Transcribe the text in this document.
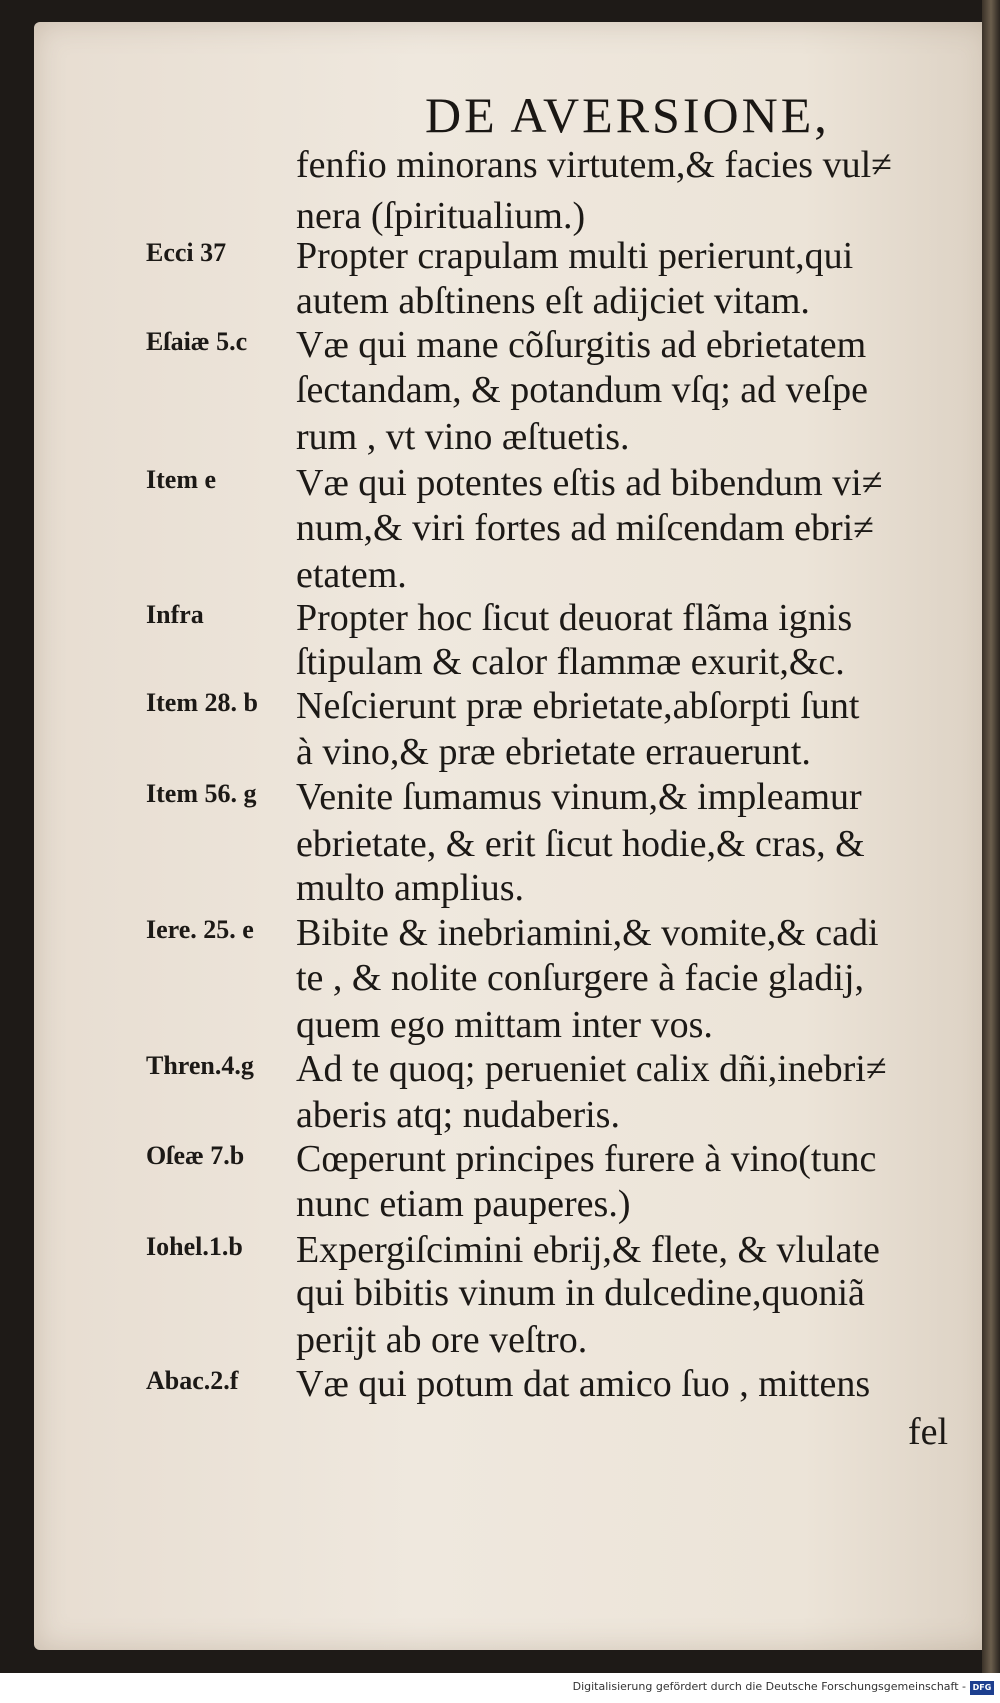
DE AVERSIONE,
fenfio minorans virtutem,& facies vul≠
nera (ſpiritualium.)
Propter crapulam multi perierunt,qui
autem abſtinens eſt adijciet vitam.
Væ qui mane cõſurgitis ad ebrietatem
ſectandam, & potandum vſq; ad veſpe
rum , vt vino æſtuetis.
Væ qui potentes eſtis ad bibendum vi≠
num,& viri fortes ad miſcendam ebri≠
etatem.
Propter hoc ſicut deuorat flãma ignis
ſtipulam & calor flammæ exurit,&c.
Neſcierunt præ ebrietate,abſorpti ſunt
à vino,& præ ebrietate errauerunt.
Venite ſumamus vinum,& impleamur
ebrietate, & erit ſicut hodie,& cras, &
multo amplius.
Bibite & inebriamini,& vomite,& cadi
te , & nolite conſurgere à facie gladij,
quem ego mittam inter vos.
Ad te quoq; perueniet calix dñi,inebri≠
aberis atq; nudaberis.
Cœperunt principes furere à vino(tunc
nunc etiam pauperes.)
Expergiſcimini ebrij,& flete, & vlulate
qui bibitis vinum in dulcedine,quoniã
perijt ab ore veſtro.
Væ qui potum dat amico ſuo , mittens
Ecci 37
Eſaiæ 5.c
Item e
Infra
Item 28. b
Item 56. g
Iere. 25. e
Thren.4.g
Oſeæ 7.b
Iohel.1.b
Abac.2.f
fel
Digitalisierung gefördert durch die Deutsche Forschungsgemeinschaft - DFG
